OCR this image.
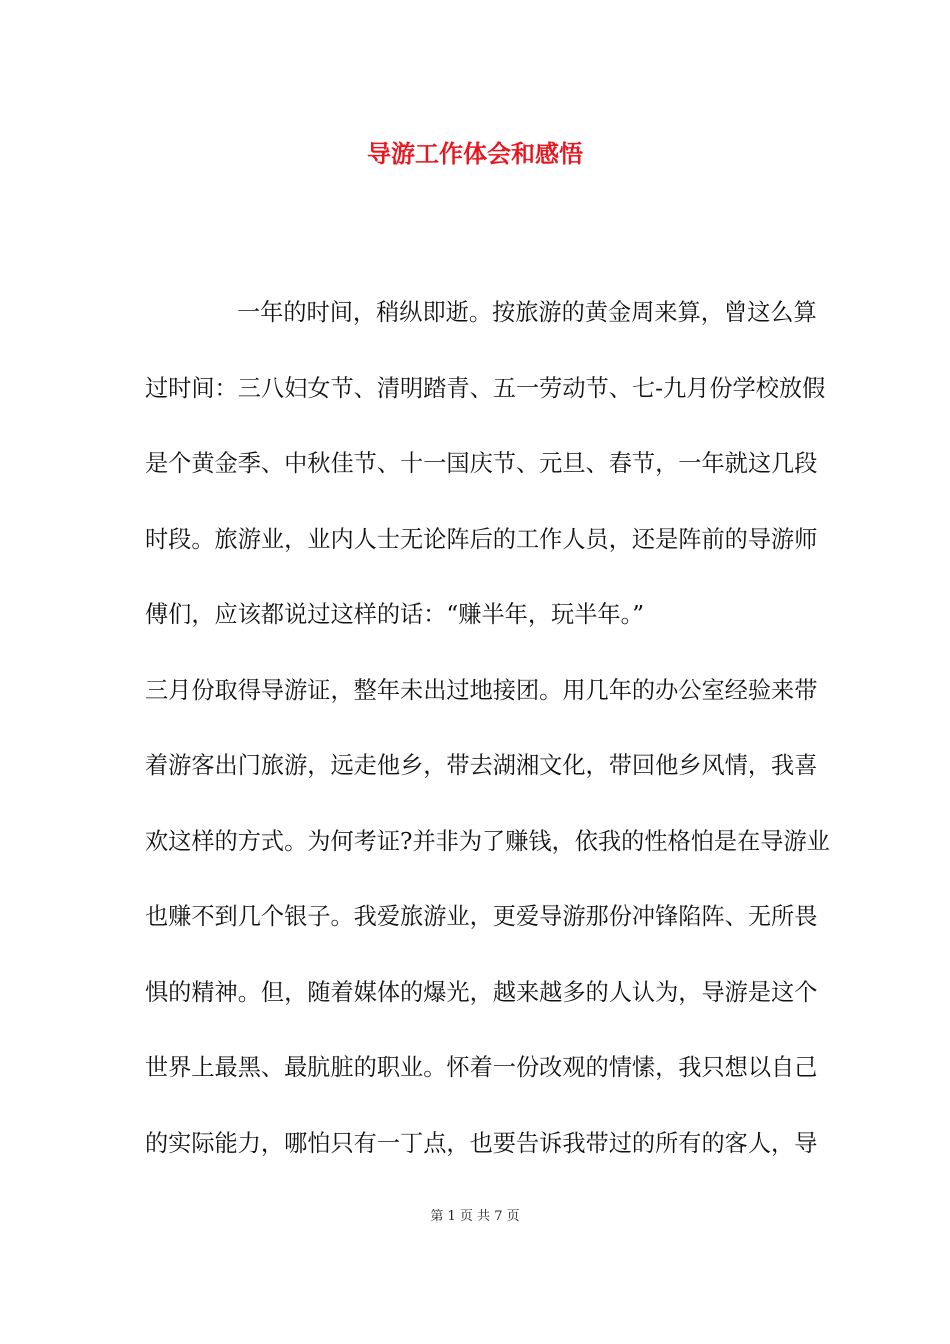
导游工作体会和感悟
一年的时间，稍纵即逝。按旅游的黄金周来算，曾这么算
过时间：三八妇女节、清明踏青、五一劳动节、七-九月份学校放假
是个黄金季、中秋佳节、十一国庆节、元旦、春节，一年就这几段
时段。旅游业，业内人士无论阵后的工作人员，还是阵前的导游师
傅们，应该都说过这样的话：“赚半年，玩半年。”
三月份取得导游证，整年未出过地接团。用几年的办公室经验来带
着游客出门旅游，远走他乡，带去湖湘文化，带回他乡风情，我喜
欢这样的方式。为何考证?并非为了赚钱，依我的性格怕是在导游业
也赚不到几个银子。我爱旅游业，更爱导游那份冲锋陷阵、无所畏
惧的精神。但，随着媒体的爆光，越来越多的人认为，导游是这个
世界上最黑、最肮脏的职业。怀着一份改观的情愫，我只想以自己
的实际能力，哪怕只有一丁点，也要告诉我带过的所有的客人，导
第 1 页 共 7 页
